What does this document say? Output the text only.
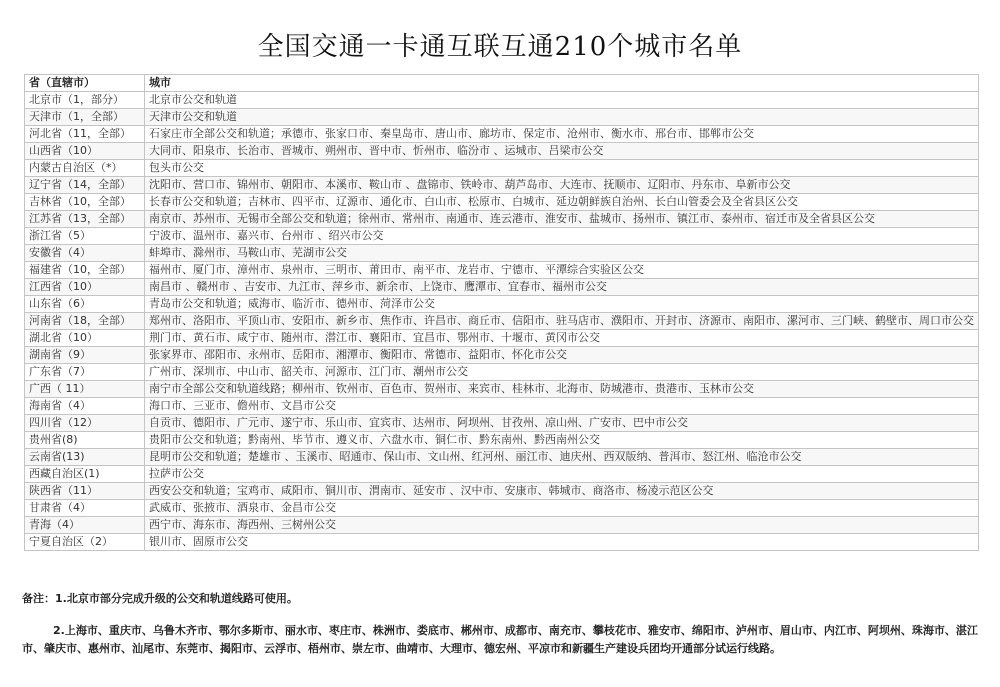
全国交通一卡通互联互通210个城市名单
省（直辖市）	城市
北京市（1，部分）	北京市公交和轨道
天津市（1，全部）	天津市公交和轨道
河北省（11，全部）	石家庄市全部公交和轨道；承德市、张家口市、秦皇岛市、唐山市、廊坊市、保定市、沧州市、衡水市、邢台市、邯郸市公交
山西省（10）	大同市、阳泉市、长治市、晋城市、朔州市、晋中市、忻州市、临汾市 、运城市、吕梁市公交
内蒙古自治区（*）	包头市公交
辽宁省（14，全部）	沈阳市、营口市、锦州市、朝阳市、本溪市、鞍山市 、盘锦市、铁岭市、葫芦岛市、大连市、抚顺市、辽阳市、丹东市、阜新市公交
吉林省（10，全部）	长春市公交和轨道；吉林市、四平市、辽源市、通化市、白山市、松原市、白城市、延边朝鲜族自治州、长白山管委会及全省县区公交
江苏省（13，全部）	南京市、苏州市、无锡市全部公交和轨道；徐州市、常州市、南通市、连云港市、淮安市、盐城市、扬州市、镇江市、泰州市、宿迁市及全省县区公交
浙江省（5）	宁波市、温州市、嘉兴市、台州市 、绍兴市公交
安徽省（4）	蚌埠市、滁州市、马鞍山市、芜湖市公交
福建省（10，全部）	福州市、厦门市、漳州市、泉州市、三明市、莆田市、南平市、龙岩市、宁德市、平潭综合实验区公交
江西省（10）	南昌市 、赣州市 、吉安市、九江市、萍乡市、新余市、上饶市、鹰潭市、宜春市、福州市公交
山东省（6）	青岛市公交和轨道；威海市、临沂市、德州市、菏泽市公交
河南省（18，全部）	郑州市、洛阳市、平顶山市、安阳市、新乡市、焦作市、许昌市、商丘市、信阳市、驻马店市、濮阳市、开封市、济源市、南阳市、漯河市、三门峡、鹤壁市、周口市公交
湖北省（10）	荆门市、黄石市、咸宁市、随州市、潜江市、襄阳市、宜昌市、鄂州市、十堰市、黄冈市公交
湖南省（9）	张家界市、邵阳市、永州市、岳阳市、湘潭市、衡阳市、常德市、益阳市、怀化市公交
广东省（7）	广州市、深圳市、中山市、韶关市、河源市、江门市、潮州市公交
广西（ 11）	南宁市全部公交和轨道线路；柳州市、钦州市、百色市、贺州市、来宾市、桂林市、北海市、防城港市、贵港市、玉林市公交
海南省（4）	海口市、三亚市、儋州市、文昌市公交
四川省（12）	自贡市、德阳市、广元市、遂宁市、乐山市、宜宾市、达州市、阿坝州、甘孜州、凉山州、广安市、巴中市公交
贵州省(8)	贵阳市公交和轨道；黔南州、毕节市、遵义市、六盘水市、铜仁市、黔东南州、黔西南州公交
云南省(13)	昆明市公交和轨道；楚雄市 、玉溪市、昭通市、保山市、文山州、红河州、丽江市、迪庆州、西双版纳、普洱市、怒江州、临沧市公交
西藏自治区(1)	拉萨市公交
陕西省（11）	西安公交和轨道；宝鸡市、咸阳市、铜川市、渭南市、延安市 、汉中市、安康市、韩城市、商洛市、杨凌示范区公交
甘肃省（4）	武威市、张掖市、酒泉市、金昌市公交
青海（4）	西宁市、海东市、海西州、三树州公交
宁夏自治区（2）	银川市、固原市公交

备注：1.北京市部分完成升级的公交和轨道线路可使用。

2.上海市、重庆市、乌鲁木齐市、鄂尔多斯市、丽水市、枣庄市、株洲市、娄底市、郴州市、成都市、南充市、攀枝花市、雅安市、绵阳市、泸州市、眉山市、内江市、阿坝州、珠海市、湛江市、肇庆市、惠州市、汕尾市、东莞市、揭阳市、云浮市、梧州市、崇左市、曲靖市、大理市、德宏州、平凉市和新疆生产建设兵团均开通部分试运行线路。
